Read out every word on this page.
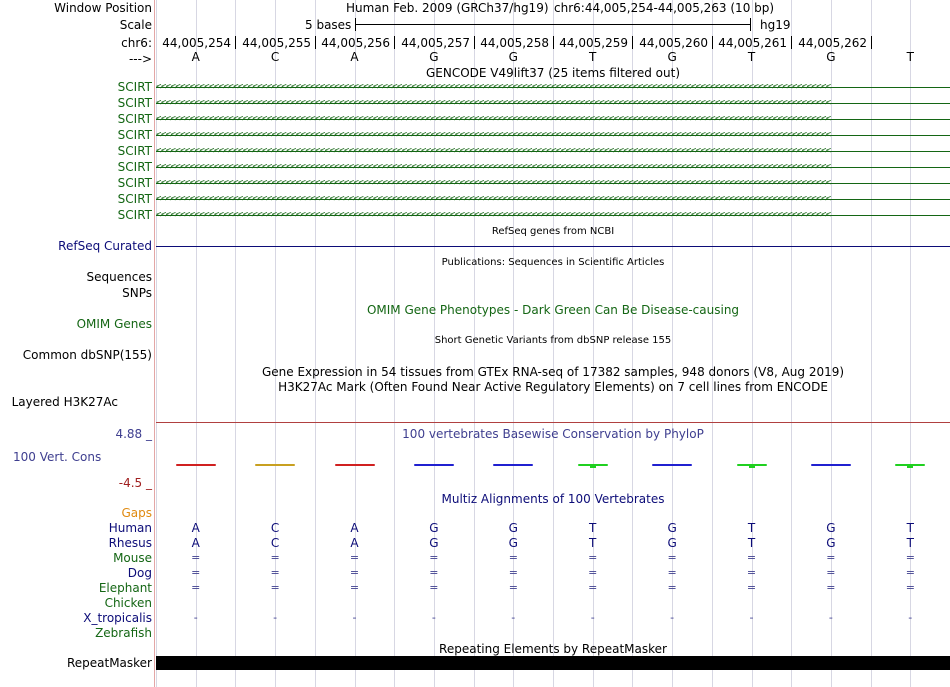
Window Position	Human Feb. 2009 (GRCh37/hg19) chr6:44,005,254-44,005,263 (10 bp)
Scale	5 bases	hg19
chr6: 44,005,254 44,005,255 44,005,256 44,005,257 44,005,258 44,005,259 44,005,260 44,005,261 44,005,262
--->	A	C	A	G	G	T	G	T	G	T
GENCODE V49lift37 (25 items filtered out)
SCIRT <<<<<<<<<<<<<<<<<<<<<<<<<<<<<<<<<<<<<<<<<<<<<<<<<<<<<<<<<<<<<<<<<<<<<<<<<<<<<<<<<<<<<<<<<<<<<<<<<<<<<<<<<<<<<<<<<<<<<<<<<<<<<<<<<<<<<<<<<<<<
SCIRT <<<<<<<<<<<<<<<<<<<<<<<<<<<<<<<<<<<<<<<<<<<<<<<<<<<<<<<<<<<<<<<<<<<<<<<<<<<<<<<<<<<<<<<<<<<<<<<<<<<<<<<<<<<<<<<<<<<<<<<<<<<<<<<<<<<<<<<<<<<<
SCIRT <<<<<<<<<<<<<<<<<<<<<<<<<<<<<<<<<<<<<<<<<<<<<<<<<<<<<<<<<<<<<<<<<<<<<<<<<<<<<<<<<<<<<<<<<<<<<<<<<<<<<<<<<<<<<<<<<<<<<<<<<<<<<<<<<<<<<<<<<<<<
SCIRT <<<<<<<<<<<<<<<<<<<<<<<<<<<<<<<<<<<<<<<<<<<<<<<<<<<<<<<<<<<<<<<<<<<<<<<<<<<<<<<<<<<<<<<<<<<<<<<<<<<<<<<<<<<<<<<<<<<<<<<<<<<<<<<<<<<<<<<<<<<<
SCIRT <<<<<<<<<<<<<<<<<<<<<<<<<<<<<<<<<<<<<<<<<<<<<<<<<<<<<<<<<<<<<<<<<<<<<<<<<<<<<<<<<<<<<<<<<<<<<<<<<<<<<<<<<<<<<<<<<<<<<<<<<<<<<<<<<<<<<<<<<<<<
SCIRT <<<<<<<<<<<<<<<<<<<<<<<<<<<<<<<<<<<<<<<<<<<<<<<<<<<<<<<<<<<<<<<<<<<<<<<<<<<<<<<<<<<<<<<<<<<<<<<<<<<<<<<<<<<<<<<<<<<<<<<<<<<<<<<<<<<<<<<<<<<<
SCIRT <<<<<<<<<<<<<<<<<<<<<<<<<<<<<<<<<<<<<<<<<<<<<<<<<<<<<<<<<<<<<<<<<<<<<<<<<<<<<<<<<<<<<<<<<<<<<<<<<<<<<<<<<<<<<<<<<<<<<<<<<<<<<<<<<<<<<<<<<<<<
SCIRT <<<<<<<<<<<<<<<<<<<<<<<<<<<<<<<<<<<<<<<<<<<<<<<<<<<<<<<<<<<<<<<<<<<<<<<<<<<<<<<<<<<<<<<<<<<<<<<<<<<<<<<<<<<<<<<<<<<<<<<<<<<<<<<<<<<<<<<<<<<<
SCIRT <<<<<<<<<<<<<<<<<<<<<<<<<<<<<<<<<<<<<<<<<<<<<<<<<<<<<<<<<<<<<<<<<<<<<<<<<<<<<<<<<<<<<<<<<<<<<<<<<<<<<<<<<<<<<<<<<<<<<<<<<<<<<<<<<<<<<<<<<<<<
RefSeq genes from NCBI
RefSeq Curated
Publications: Sequences in Scientific Articles
Sequences
SNPs
OMIM Gene Phenotypes - Dark Green Can Be Disease-causing
OMIM Genes
Short Genetic Variants from dbSNP release 155
Common dbSNP(155)
Gene Expression in 54 tissues from GTEx RNA-seq of 17382 samples, 948 donors (V8, Aug 2019)
H3K27Ac Mark (Often Found Near Active Regulatory Elements) on 7 cell lines from ENCODE
Layered H3K27Ac
100 vertebrates Basewise Conservation by PhyloP
4.88 _
100 Vert. Cons
-4.5 _
Multiz Alignments of 100 Vertebrates
Gaps
Human	A	C	A	G	G	T	G	T	G	T
Rhesus	A	C	A	G	G	T	G	T	G	T
Mouse	=	=	=	=	=	=	=	=	=	=
Dog	=	=	=	=	=	=	=	=	=	=
Elephant	=	=	=	=	=	=	=	=	=	=
Chicken
X_tropicalis	-	-	-	-	-	-	-	-	-	-
Zebrafish
Repeating Elements by RepeatMasker
RepeatMasker
